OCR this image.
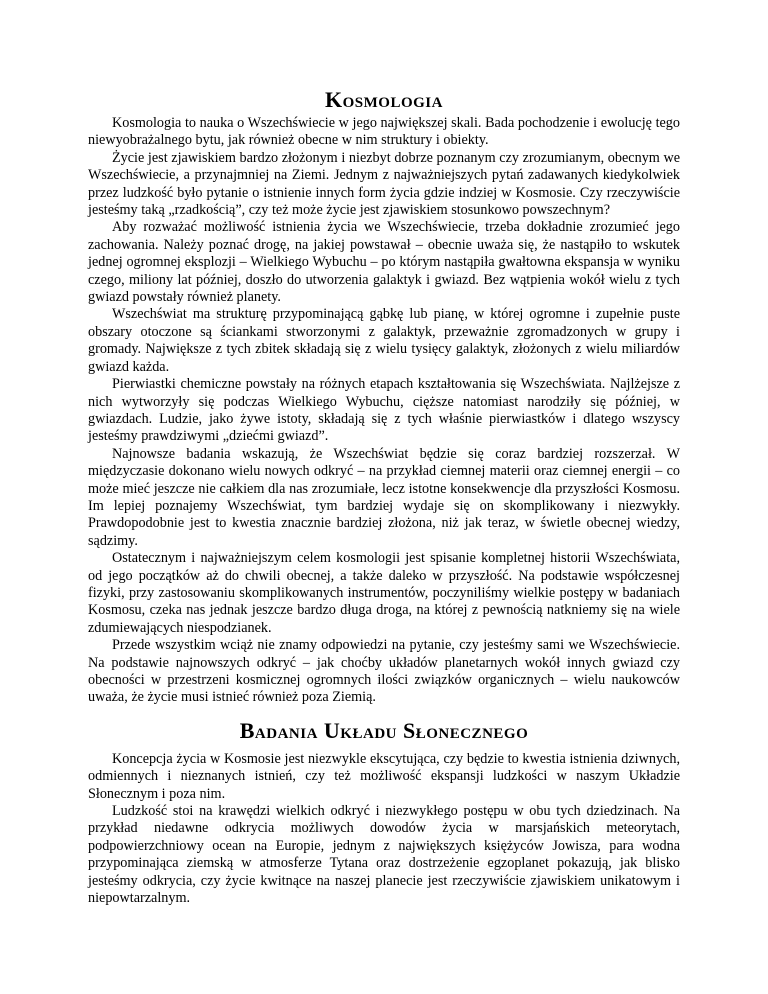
Kosmologia

Kosmologia to nauka o Wszechświecie w jego największej skali. Bada pochodzenie i ewolucję tego niewyobrażalnego bytu, jak również obecne w nim struktury i obiekty.

Życie jest zjawiskiem bardzo złożonym i niezbyt dobrze poznanym czy zrozumianym, obecnym we Wszechświecie, a przynajmniej na Ziemi. Jednym z najważniejszych pytań zadawanych kiedykolwiek przez ludzkość było pytanie o istnienie innych form życia gdzie indziej w Kosmosie. Czy rzeczywiście jesteśmy taką „rzadkością”, czy też może życie jest zjawiskiem stosunkowo powszechnym?

Aby rozważać możliwość istnienia życia we Wszechświecie, trzeba dokładnie zrozumieć jego zachowania. Należy poznać drogę, na jakiej powstawał – obecnie uważa się, że nastąpiło to wskutek jednej ogromnej eksplozji – Wielkiego Wybuchu – po którym nastąpiła gwałtowna ekspansja w wyniku czego, miliony lat później, doszło do utworzenia galaktyk i gwiazd. Bez wątpienia wokół wielu z tych gwiazd powstały również planety.

Wszechświat ma strukturę przypominającą gąbkę lub pianę, w której ogromne i zupełnie puste obszary otoczone są ściankami stworzonymi z galaktyk, przeważnie zgromadzonych w grupy i gromady. Największe z tych zbitek składają się z wielu tysięcy galaktyk, złożonych z wielu miliardów gwiazd każda.

Pierwiastki chemiczne powstały na różnych etapach kształtowania się Wszechświata. Najlżejsze z nich wytworzyły się podczas Wielkiego Wybuchu, cięższe natomiast narodziły się później, w gwiazdach. Ludzie, jako żywe istoty, składają się z tych właśnie pierwiastków i dlatego wszyscy jesteśmy prawdziwymi „dziećmi gwiazd”.

Najnowsze badania wskazują, że Wszechświat będzie się coraz bardziej rozszerzał. W międzyczasie dokonano wielu nowych odkryć – na przykład ciemnej materii oraz ciemnej energii – co może mieć jeszcze nie całkiem dla nas zrozumiałe, lecz istotne konsekwencje dla przyszłości Kosmosu. Im lepiej poznajemy Wszechświat, tym bardziej wydaje się on skomplikowany i niezwykły. Prawdopodobnie jest to kwestia znacznie bardziej złożona, niż jak teraz, w świetle obecnej wiedzy, sądzimy.

Ostatecznym i najważniejszym celem kosmologii jest spisanie kompletnej historii Wszechświata, od jego początków aż do chwili obecnej, a także daleko w przyszłość. Na podstawie współczesnej fizyki, przy zastosowaniu skomplikowanych instrumentów, poczyniliśmy wielkie postępy w badaniach Kosmosu, czeka nas jednak jeszcze bardzo długa droga, na której z pewnością natkniemy się na wiele zdumiewających niespodzianek.

Przede wszystkim wciąż nie znamy odpowiedzi na pytanie, czy jesteśmy sami we Wszechświecie. Na podstawie najnowszych odkryć – jak choćby układów planetarnych wokół innych gwiazd czy obecności w przestrzeni kosmicznej ogromnych ilości związków organicznych – wielu naukowców uważa, że życie musi istnieć również poza Ziemią.

Badania Układu Słonecznego

Koncepcja życia w Kosmosie jest niezwykle ekscytująca, czy będzie to kwestia istnienia dziwnych, odmiennych i nieznanych istnień, czy też możliwość ekspansji ludzkości w naszym Układzie Słonecznym i poza nim.

Ludzkość stoi na krawędzi wielkich odkryć i niezwykłego postępu w obu tych dziedzinach. Na przykład niedawne odkrycia możliwych dowodów życia w marsjańskich meteorytach, podpowierzchniowy ocean na Europie, jednym z największych księżyców Jowisza, para wodna przypominająca ziemską w atmosferze Tytana oraz dostrzeżenie egzoplanet pokazują, jak blisko jesteśmy odkrycia, czy życie kwitnące na naszej planecie jest rzeczywiście zjawiskiem unikatowym i niepowtarzalnym.
